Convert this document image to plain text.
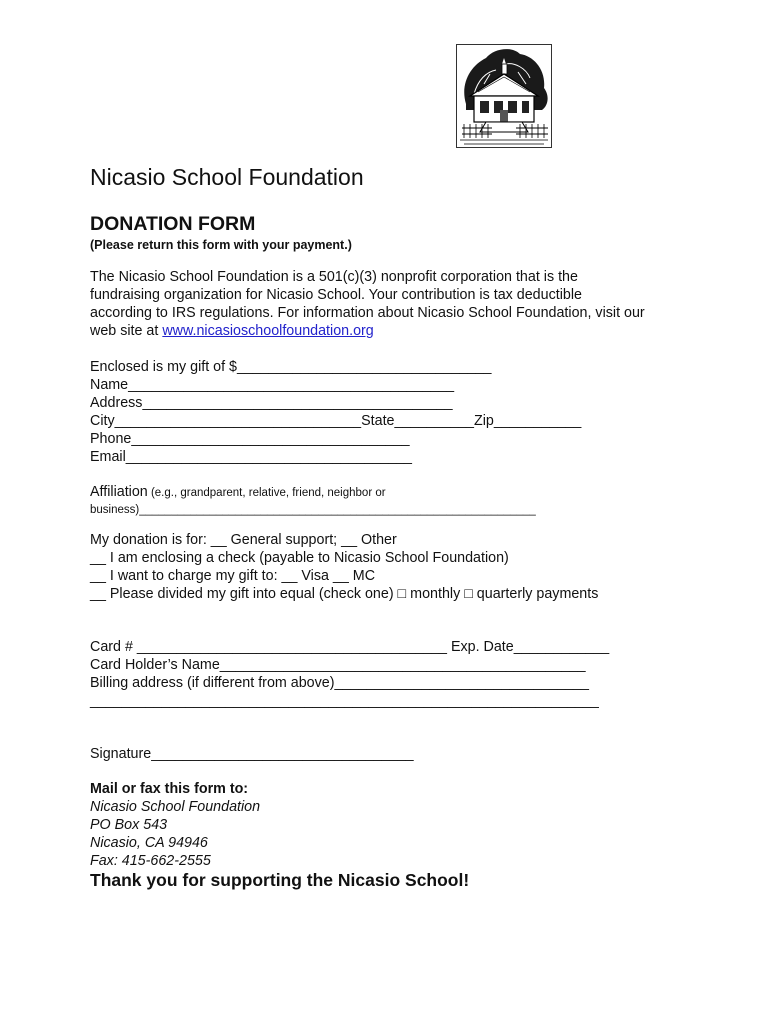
Nicasio School Foundation
DONATION FORM
(Please return this form with your payment.)
The Nicasio School Foundation is a 501(c)(3) nonprofit corporation that is the
fundraising organization for Nicasio School. Your contribution is tax deductible
according to IRS regulations. For information about Nicasio School Foundation, visit our
web site at www.nicasioschoolfoundation.org
Enclosed is my gift of $________________________________
Name_________________________________________
Address_______________________________________
City_______________________________State__________Zip___________
Phone___________________________________
Email____________________________________
Affiliation (e.g., grandparent, relative, friend, neighbor or
business)______________________________________________________________
My donation is for: __ General support; __ Other
__ I am enclosing a check (payable to Nicasio School Foundation)
__ I want to charge my gift to: __ Visa __ MC
__ Please divided my gift into equal (check one) □ monthly □ quarterly payments
Card # _______________________________________ Exp. Date____________
Card Holder’s Name______________________________________________
Billing address (if different from above)________________________________
________________________________________________________________
Signature_________________________________
Mail or fax this form to:
Nicasio School Foundation
PO Box 543
Nicasio, CA 94946
Fax: 415-662-2555
Thank you for supporting the Nicasio School!
